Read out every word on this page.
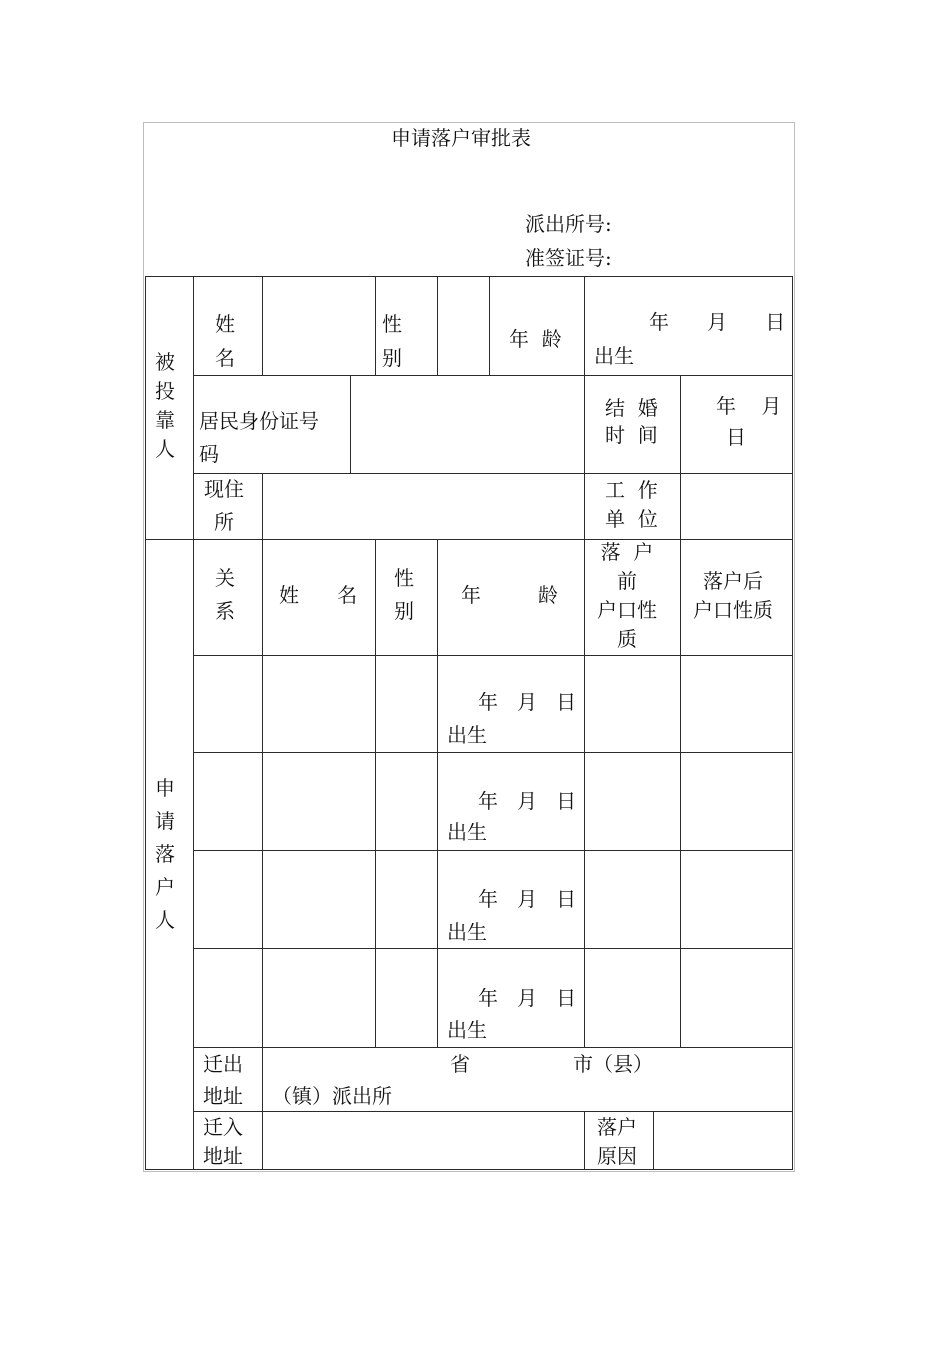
申请落户审批表
派出所号:
准签证号:
被
投
靠
人
姓
名
性
别
年  龄
年      月      日
出生
居民身份证号
码
结  婚
时  间
年    月
日
现住
所
工  作
单  位
申
请
落
户
人
关
系
姓      名
性
别
年	龄
落  户
前
户口性
质
落户后
户口性质
年   月   日
出生
年   月   日
出生
年   月   日
出生
年   月   日
出生
迁出
地址
省	市（县）
（镇）派出所
迁入
地址
落户
原因
